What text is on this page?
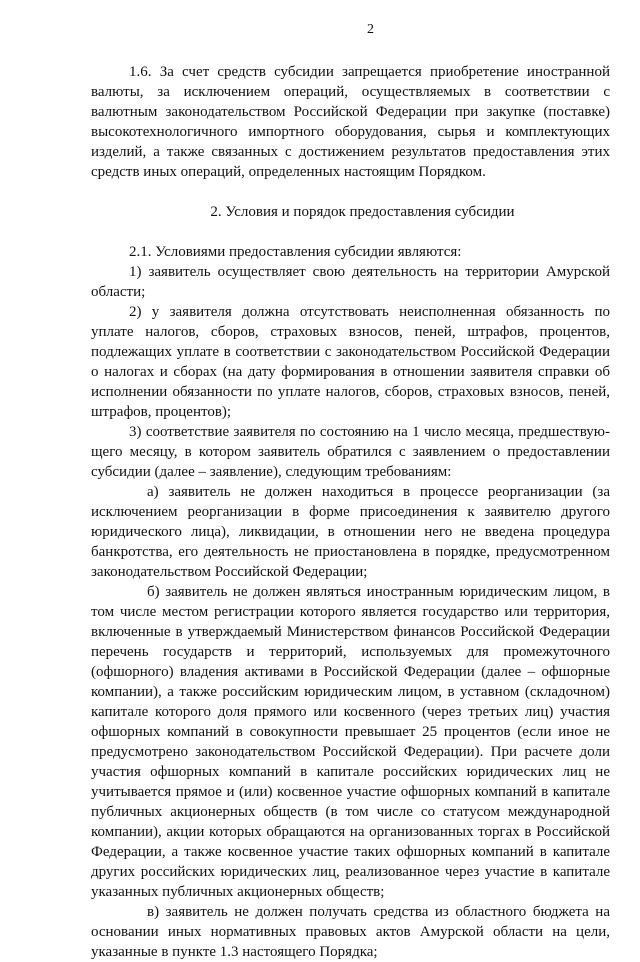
2

1.6. За счет средств субсидии запрещается приобретение иностранной валюты, за исключением операций, осуществляемых в соответствии с валютным законодательством Российской Федерации при закупке (поставке) высокотехнологичного импортного оборудования, сырья и комплектующих изделий, а также связанных с достижением результатов предоставления этих средств иных операций, определенных настоящим Порядком.

2. Условия и порядок предоставления субсидии

2.1. Условиями предоставления субсидии являются:

1) заявитель осуществляет свою деятельность на территории Амурской области;

2) у заявителя должна отсутствовать неисполненная обязанность по уплате налогов, сборов, страховых взносов, пеней, штрафов, процентов, подлежащих уплате в соответствии с законодательством Российской Федерации о налогах и сборах (на дату формирования в отношении заявителя справки об исполнении обязанности по уплате налогов, сборов, страховых взносов, пеней, штрафов, процентов);

3) соответствие заявителя по состоянию на 1 число месяца, предшествую-щего месяцу, в котором заявитель обратился с заявлением о предоставлении субсидии (далее – заявление), следующим требованиям:

а) заявитель не должен находиться в процессе реорганизации (за исключением реорганизации в форме присоединения к заявителю другого юридического лица), ликвидации, в отношении него не введена процедура банкротства, его деятельность не приостановлена в порядке, предусмотренном законодательством Российской Федерации;

б) заявитель не должен являться иностранным юридическим лицом, в том числе местом регистрации которого является государство или территория, включенные в утверждаемый Министерством финансов Российской Федерации перечень государств и территорий, используемых для промежуточного (офшорного) владения активами в Российской Федерации (далее – офшорные компании), а также российским юридическим лицом, в уставном (складочном) капитале которого доля прямого или косвенного (через третьих лиц) участия офшорных компаний в совокупности превышает 25 процентов (если иное не предусмотрено законодательством Российской Федерации). При расчете доли участия офшорных компаний в капитале российских юридических лиц не учитывается прямое и (или) косвенное участие офшорных компаний в капитале публичных акционерных обществ (в том числе со статусом международной компании), акции которых обращаются на организованных торгах в Российской Федерации, а также косвенное участие таких офшорных компаний в капитале других российских юридических лиц, реализованное через участие в капитале указанных публичных акционерных обществ;

в) заявитель не должен получать средства из областного бюджета на основании иных нормативных правовых актов Амурской области на цели, указанные в пункте 1.3 настоящего Порядка;
